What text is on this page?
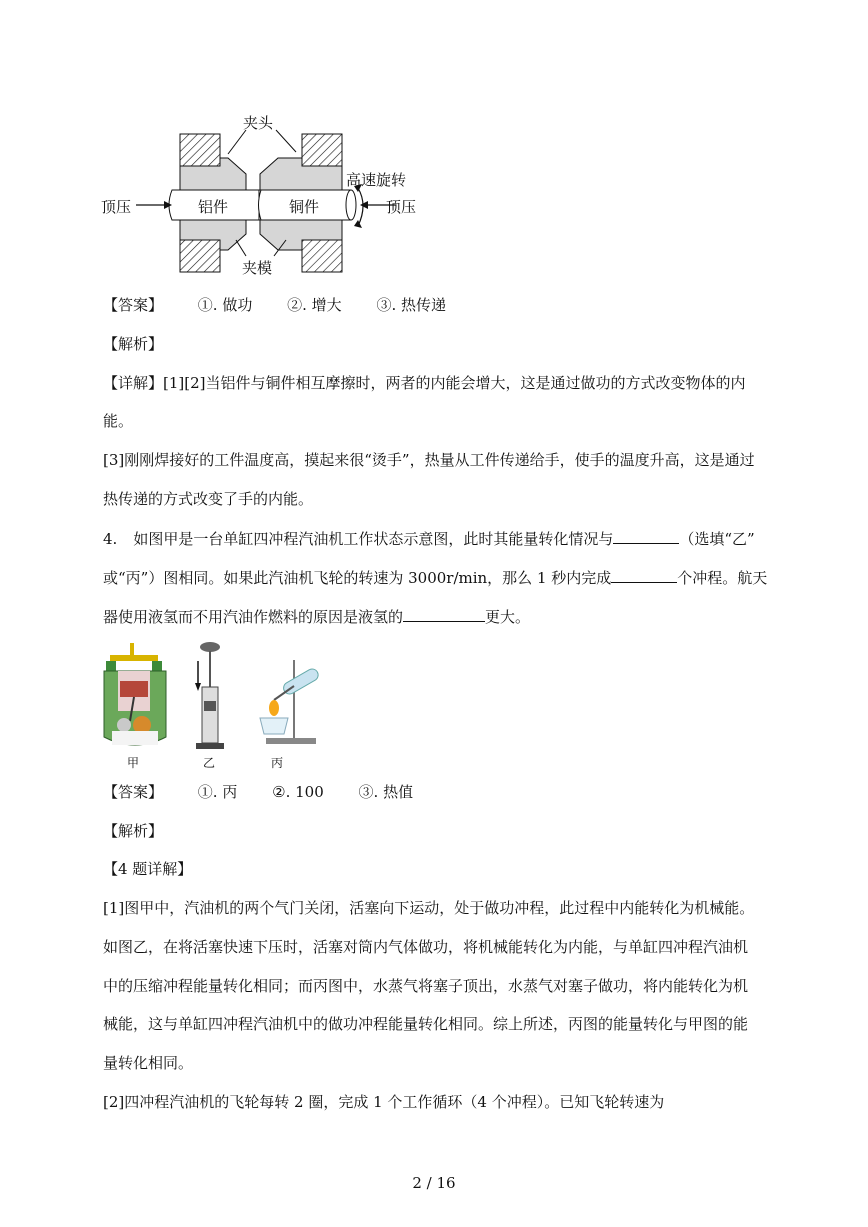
夹头
高速旋转
顶压	顶压
铝件	铜件
夹模
【答案】 ①. 做功 ②. 增大 ③. 热传递
【解析】
【详解】[1][2]当铝件与铜件相互摩擦时，两者的内能会增大，这是通过做功的方式改变物体的内
能。
[3]刚刚焊接好的工件温度高，摸起来很“烫手”，热量从工件传递给手，使手的温度升高，这是通过
热传递的方式改变了手的内能。
4. 如图甲是一台单缸四冲程汽油机工作状态示意图，此时其能量转化情况与	（选填“乙”
或“丙”）图相同。如果此汽油机飞轮的转速为 3000r/min，那么 1 秒内完成	个冲程。航天
器使用液氢而不用汽油作燃料的原因是液氢的	更大。
甲	乙	丙
【答案】 ①. 丙 ②. 100 ③. 热值
【解析】
【4 题详解】
[1]图甲中，汽油机的两个气门关闭，活塞向下运动，处于做功冲程，此过程中内能转化为机械能。
如图乙，在将活塞快速下压时，活塞对筒内气体做功，将机械能转化为内能，与单缸四冲程汽油机
中的压缩冲程能量转化相同；而丙图中，水蒸气将塞子顶出，水蒸气对塞子做功，将内能转化为机
械能，这与单缸四冲程汽油机中的做功冲程能量转化相同。综上所述，丙图的能量转化与甲图的能
量转化相同。
[2]四冲程汽油机的飞轮每转 2 圈，完成 1 个工作循环（4 个冲程）。已知飞轮转速为
2 / 16
